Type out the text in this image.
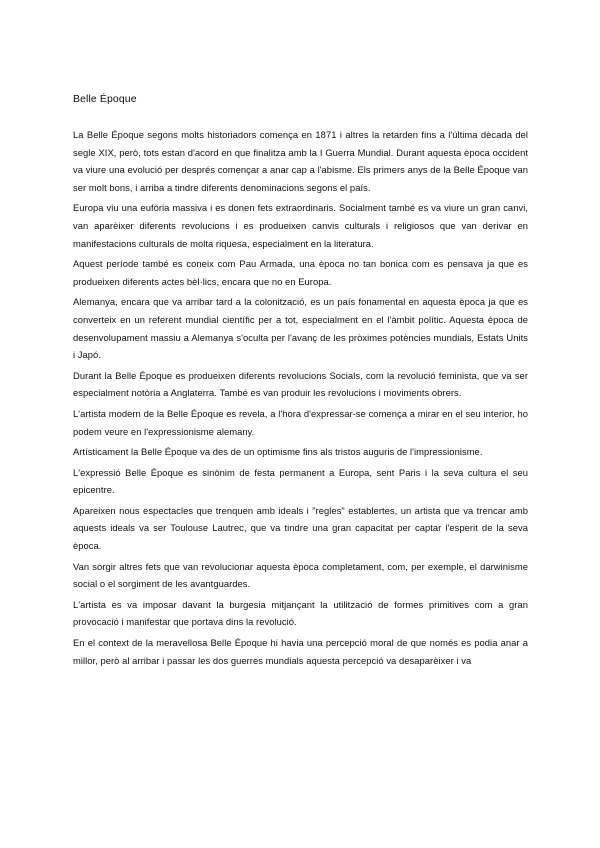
Belle Époque

La Belle Époque segons molts historiadors comença en 1871 i altres la retarden fins a l'última dècada del segle XIX, però, tots estan d'acord en que finalitza amb la I Guerra Mundial. Durant aquesta època occident va viure una evolució per després començar a anar cap a l'abisme. Els primers anys de la Belle Époque van ser molt bons, i arriba a tindre diferents denominacions segons el país.

Europa viu una eufòria massiva i es donen fets extraordinaris. Socialment també es va viure un gran canvi, van aparèixer diferents revolucions i es produeixen canvis culturals i religiosos que van derivar en manifestacions culturals de molta riquesa, especialment en la literatura.

Aquest període també es coneix com Pau Armada, una època no tan bonica com es pensava ja que es produeixen diferents actes bèl·lics, encara que no en Europa.

Alemanya, encara que va arribar tard a la colonització, es un país fonamental en aquesta època ja que es converteix en un referent mundial científic per a tot, especialment en el l'àmbit polític. Aquesta època de desenvolupament massiu a Alemanya s'oculta per l'avanç de les pròximes potències mundials, Estats Units i Japó.

Durant la Belle Époque es produeixen diferents revolucions Socials, com la revolució feminista, que va ser especialment notòria a Anglaterra. També es van produir les revolucions i moviments obrers.

L'artista modern de la Belle Époque es revela, a l'hora d'expressar-se comença a mirar en el seu interior, ho podem veure en l'expressionisme alemany.

Artísticament la Belle Époque va des de un optimisme fins als tristos auguris de l'impressionisme.

L'expressió Belle Époque es sinònim de festa permanent a Europa, sent Paris i la seva cultura el seu epicentre.

Apareixen nous espectacles que trenquen amb ideals i "regles" establertes, un artista que va trencar amb aquests ideals va ser Toulouse Lautrec, que va tindre una gran capacitat per captar l'esperit de la seva època.

Van sorgir altres fets que van revolucionar aquesta època completament, com, per exemple, el darwinisme social o el sorgiment de les avantguardes.

L'artista es va imposar davant la burgesia mitjançant la utilització de formes primitives com a gran provocació i manifestar que portava dins la revolució.

En el context de la meravellosa Belle Époque hi havia una percepció moral de que només es podia anar a millor, però al arribar i passar les dos guerres mundials aquesta percepció va desaparèixer i va
